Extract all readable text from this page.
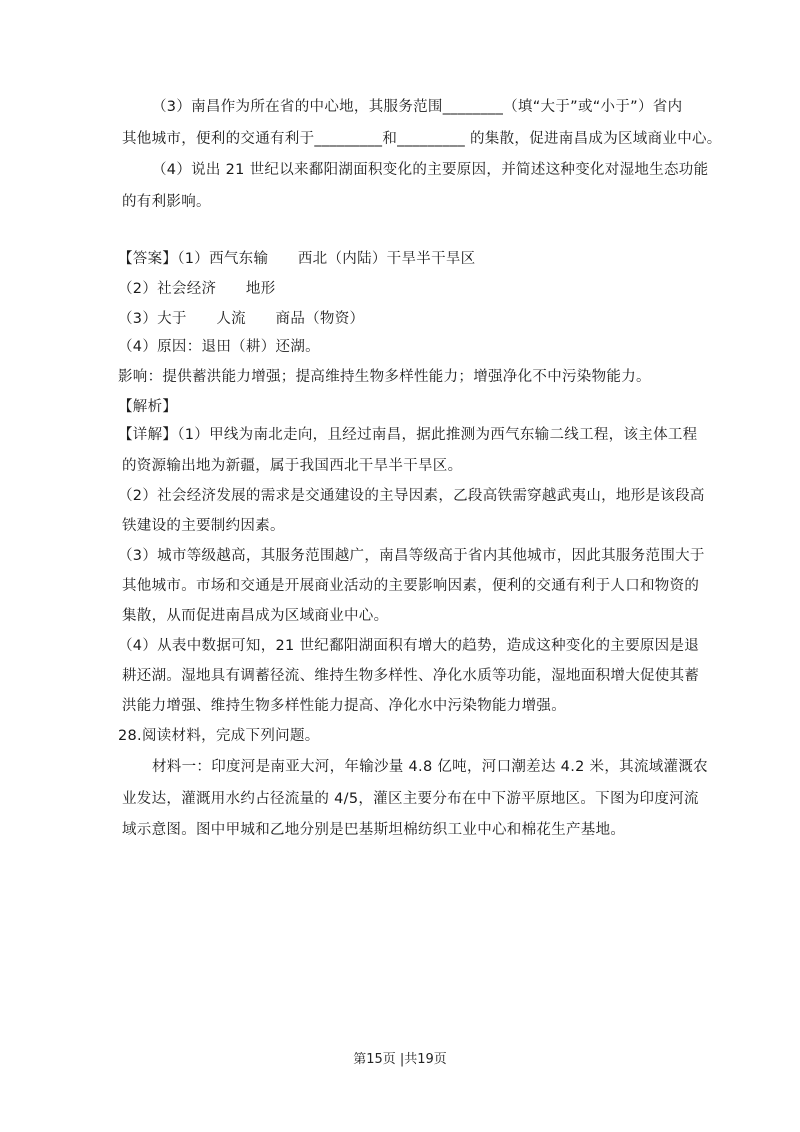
（3）南昌作为所在省的中心地，其服务范围________（填“大于”或“小于”）省内
其他城市，便利的交通有利于_________和_________ 的集散，促进南昌成为区域商业中心。
（4）说出 21 世纪以来鄱阳湖面积变化的主要原因，并简述这种变化对湿地生态功能
的有利影响。
【答案】（1）西气东输　　西北（内陆）干旱半干旱区
（2）社会经济　　地形
（3）大于　　人流　　商品（物资）
（4）原因：退田（耕）还湖。
影响：提供蓄洪能力增强；提高维持生物多样性能力；增强净化不中污染物能力。
【解析】
【详解】（1）甲线为南北走向，且经过南昌，据此推测为西气东输二线工程，该主体工程
的资源输出地为新疆，属于我国西北干旱半干旱区。
（2）社会经济发展的需求是交通建设的主导因素，乙段高铁需穿越武夷山，地形是该段高
铁建设的主要制约因素。
（3）城市等级越高，其服务范围越广，南昌等级高于省内其他城市，因此其服务范围大于
其他城市。市场和交通是开展商业活动的主要影响因素，便利的交通有利于人口和物资的
集散，从而促进南昌成为区域商业中心。
（4）从表中数据可知，21 世纪鄱阳湖面积有增大的趋势，造成这种变化的主要原因是退
耕还湖。湿地具有调蓄径流、维持生物多样性、净化水质等功能，湿地面积增大促使其蓄
洪能力增强、维持生物多样性能力提高、净化水中污染物能力增强。
28.阅读材料，完成下列问题。
材料一：印度河是南亚大河，年输沙量 4.8 亿吨，河口潮差达 4.2 米，其流域灌溉农
业发达，灌溉用水约占径流量的 4/5，灌区主要分布在中下游平原地区。下图为印度河流
域示意图。图中甲城和乙地分别是巴基斯坦棉纺织工业中心和棉花生产基地。
第15页 |共19页
